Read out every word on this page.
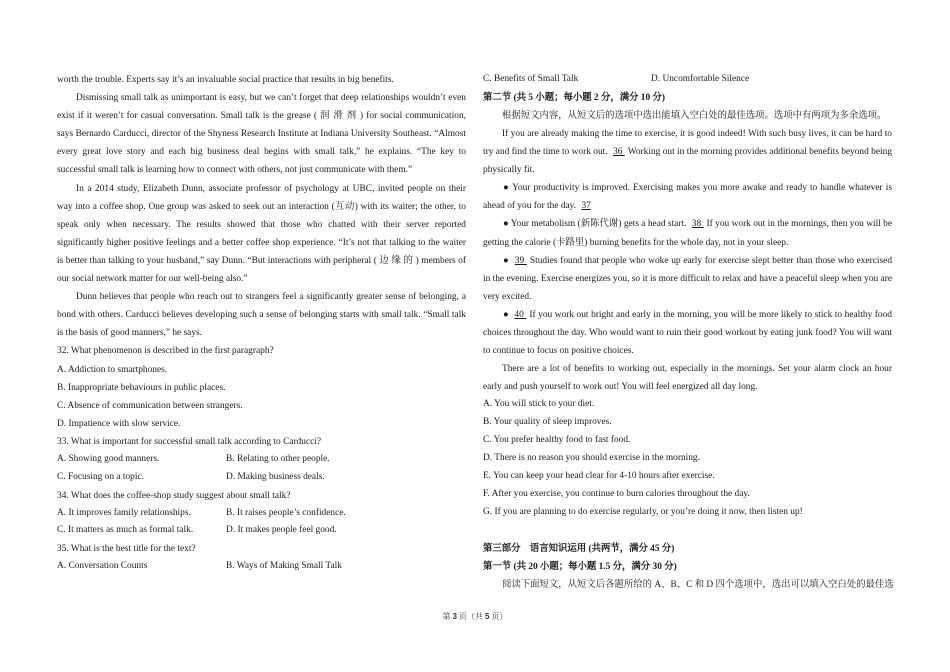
worth the trouble. Experts say it’s an invaluable social practice that results in big benefits.

Dismissing small talk as unimportant is easy, but we can’t forget that deep relationships wouldn’t even exist if it weren’t for casual conversation. Small talk is the grease ( 润 滑 剂 ) for social communication, says Bernardo Carducci, director of the Shyness Research Institute at Indiana University Southeast. “Almost every great love story and each big business deal begins with small talk,” he explains. “The key to successful small talk is learning how to connect with others, not just communicate with them.”

In a 2014 study, Elizabeth Dunn, associate professor of psychology at UBC, invited people on their way into a coffee shop. One group was asked to seek out an interaction (互动) with its waiter; the other, to speak only when necessary. The results showed that those who chatted with their server reported significantly higher positive feelings and a better coffee shop experience. “It’s not that talking to the waiter is better than talking to your husband,” say Dunn. “But interactions with peripheral ( 边 缘 的 ) members of our social network matter for our well-being also.”

Dunn believes that people who reach out to strangers feel a significantly greater sense of belonging, a bond with others. Carducci believes developing such a sense of belonging starts with small talk. “Small talk is the basis of good manners,” he says.

32. What phenomenon is described in the first paragraph?
A. Addiction to smartphones.
B. Inappropriate behaviours in public places.
C. Absence of communication between strangers.
D. Impatience with slow service.
33. What is important for successful small talk according to Carducci?
A. Showing good manners.	B. Relating to other people.
C. Focusing on a topic.	D. Making business deals.
34. What does the coffee-shop study suggest about small talk?
A. It improves family relationships.	B. It raises people’s confidence.
C. It matters as much as formal talk.	D. It makes people feel good.
35. What is the best title for the text?
A. Conversation Counts	B. Ways of Making Small Talk
C. Benefits of Small Talk	D. Uncomfortable Silence
第二节 (共 5 小题；每小题 2 分，满分 10 分)

根据短文内容，从短文后的选项中选出能填入空白处的最佳选项。选项中有两项为多余选项。

If you are already making the time to exercise, it is good indeed! With such busy lives, it can be hard to try and find the time to work out. 36 Working out in the morning provides additional benefits beyond being physically fit.

● Your productivity is improved. Exercising makes you more awake and ready to handle whatever is ahead of you for the day. 37

● Your metabolism (新陈代谢) gets a head start. 38 If you work out in the mornings, then you will be getting the calorie (卡路里) burning benefits for the whole day, not in your sleep.

● 39 Studies found that people who woke up early for exercise slept better than those who exercised in the evening. Exercise energizes you, so it is more difficult to relax and have a peaceful sleep when you are very excited.

● 40 If you work out bright and early in the morning, you will be more likely to stick to healthy food choices throughout the day. Who would want to ruin their good workout by eating junk food? You will want to continue to focus on positive choices.

There are a lot of benefits to working out, especially in the mornings. Set your alarm clock an hour early and push yourself to work out! You will feel energized all day long.

A. You will stick to your diet.
B. Your quality of sleep improves.
C. You prefer healthy food to fast food.
D. There is no reason you should exercise in the morning.
E. You can keep your head clear for 4-10 hours after exercise.
F. After you exercise, you continue to burn calories throughout the day.
G. If you are planning to do exercise regularly, or you’re doing it now, then listen up!
第三部分　语言知识运用 (共两节，满分 45 分)
第一节 (共 20 小题；每小题 1.5 分，满分 30 分)
阅读下面短文，从短文后各题所给的 A、B、C 和 D 四个选项中，选出可以填入空白处的最佳选
第 3 页（共 5 页）
